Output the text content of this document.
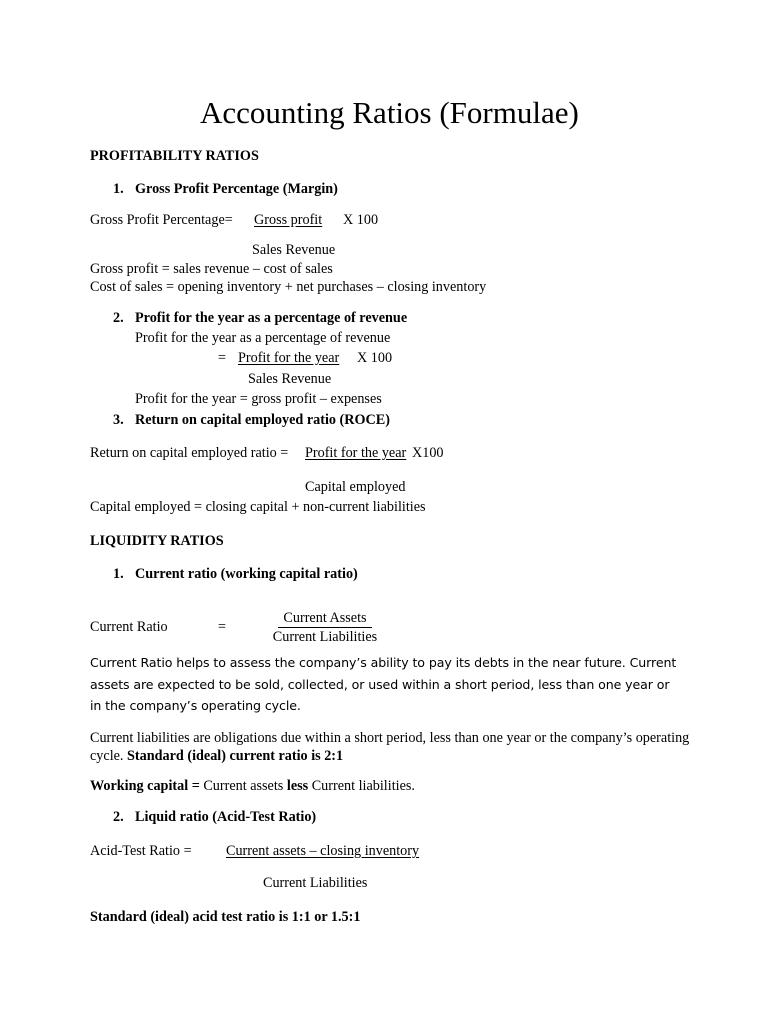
Accounting Ratios (Formulae)
PROFITABILITY RATIOS
1. Gross Profit Percentage (Margin)
Gross Profit Percentage= Gross profit X 100
Sales Revenue
Gross profit = sales revenue – cost of sales
Cost of sales = opening inventory + net purchases – closing inventory
2. Profit for the year as a percentage of revenue
Profit for the year as a percentage of revenue
= Profit for the year X 100
Sales Revenue
Profit for the year = gross profit – expenses
3. Return on capital employed ratio (ROCE)
Return on capital employed ratio = Profit for the year X100
Capital employed
Capital employed = closing capital + non-current liabilities
LIQUIDITY RATIOS
1. Current ratio (working capital ratio)
Current Ratio	=
Current Assets
Current Liabilities
Current Ratio helps to assess the company’s ability to pay its debts in the near future. Current assets are expected to be sold, collected, or used within a short period, less than one year or in the company’s operating cycle.
Current liabilities are obligations due within a short period, less than one year or the company’s operating cycle. Standard (ideal) current ratio is 2:1
Working capital = Current assets less Current liabilities.
2. Liquid ratio (Acid-Test Ratio)
Acid-Test Ratio = Current assets – closing inventory
Current Liabilities
Standard (ideal) acid test ratio is 1:1 or 1.5:1
